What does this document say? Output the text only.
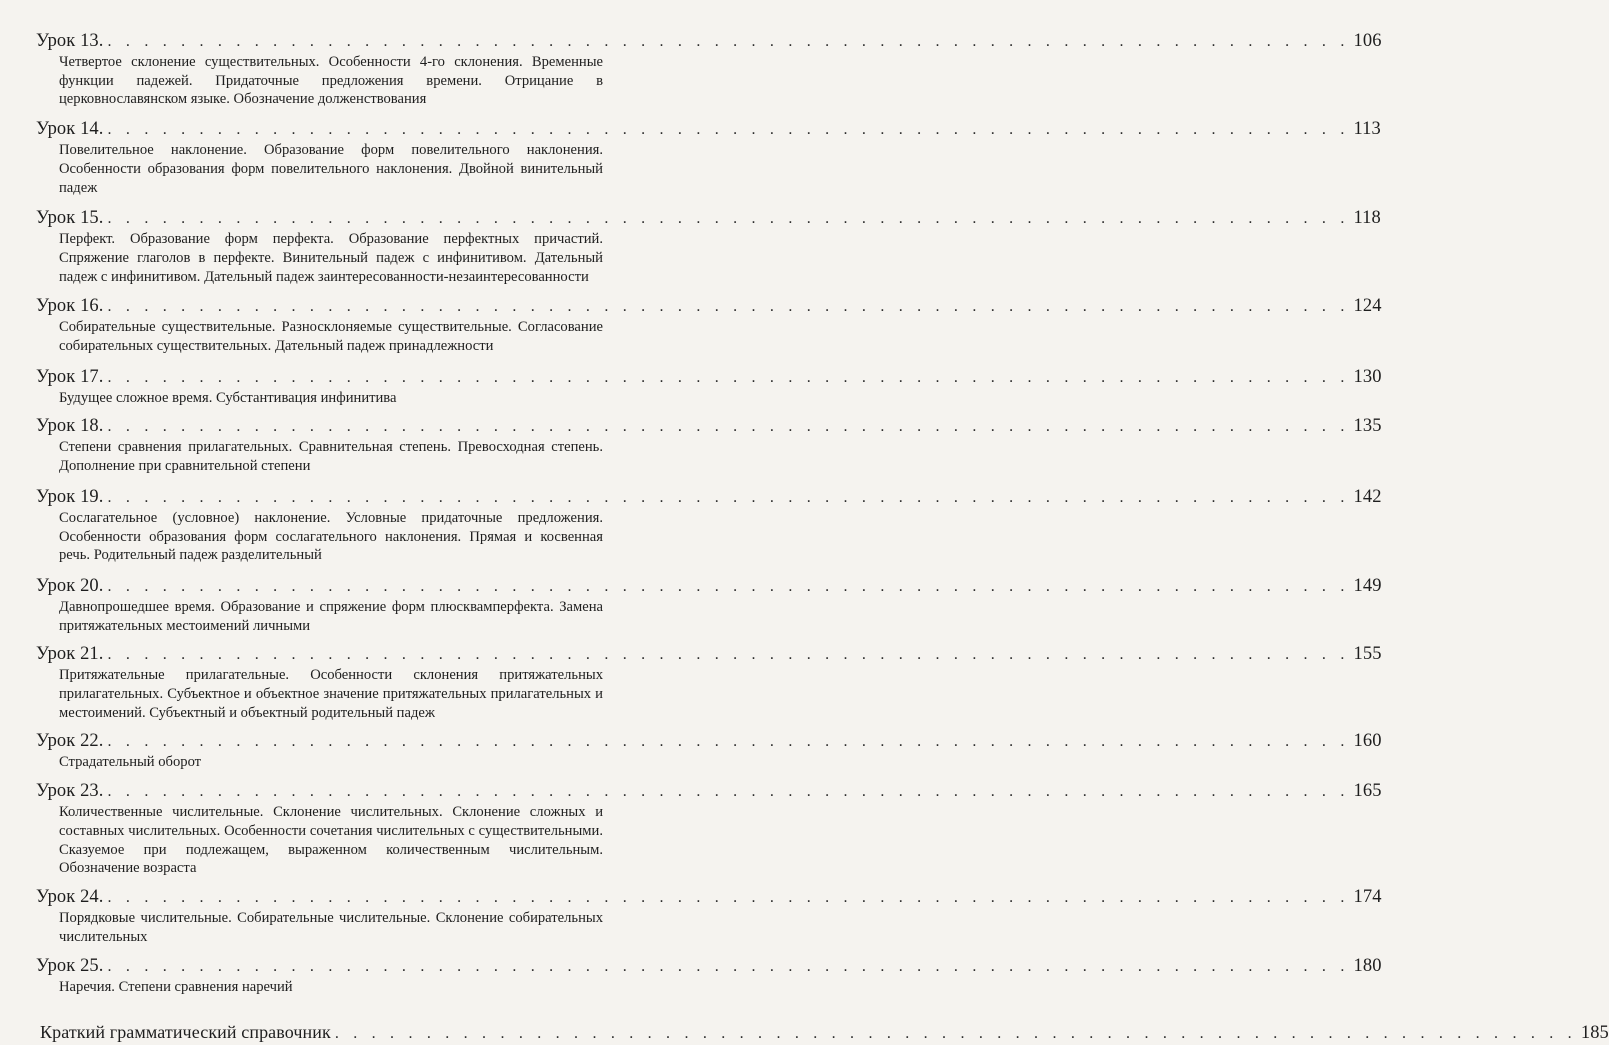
Урок 13. . . . . . . . . . . . . . . . . . . . . . . . . . . . . . . . . . . . . . . . . . . . . . . . . . . . . . . . . . . . . . . . . . . . . 106

Четвертое склонение существительных. Особенности 4-го склонения. Временные функции падежей. Придаточные предложения времени. Отрицание в церковнославянском языке. Обозначение долженствования

Урок 14. . . . . . . . . . . . . . . . . . . . . . . . . . . . . . . . . . . . . . . . . . . . . . . . . . . . . . . . . . . . . . . . . . . . . 113

Повелительное наклонение. Образование форм повелительного наклонения. Особенности образования форм повелительного наклонения. Двойной винительный падеж

Урок 15. . . . . . . . . . . . . . . . . . . . . . . . . . . . . . . . . . . . . . . . . . . . . . . . . . . . . . . . . . . . . . . . . . . . . 118

Перфект. Образование форм перфекта. Образование перфектных причастий. Спряжение глаголов в перфекте. Винительный падеж с инфинитивом. Дательный падеж с инфинитивом. Дательный падеж заинтересованности-незаинтересованности

Урок 16. . . . . . . . . . . . . . . . . . . . . . . . . . . . . . . . . . . . . . . . . . . . . . . . . . . . . . . . . . . . . . . . . . . . . 124

Собирательные существительные. Разносклоняемые существительные. Согласование собирательных существительных. Дательный падеж принадлежности

Урок 17. . . . . . . . . . . . . . . . . . . . . . . . . . . . . . . . . . . . . . . . . . . . . . . . . . . . . . . . . . . . . . . . . . . . . 130

Будущее сложное время. Субстантивация инфинитива

Урок 18. . . . . . . . . . . . . . . . . . . . . . . . . . . . . . . . . . . . . . . . . . . . . . . . . . . . . . . . . . . . . . . . . . . . . 135

Степени сравнения прилагательных. Сравнительная степень. Превосходная степень. Дополнение при сравнительной степени

Урок 19. . . . . . . . . . . . . . . . . . . . . . . . . . . . . . . . . . . . . . . . . . . . . . . . . . . . . . . . . . . . . . . . . . . . . 142

Сослагательное (условное) наклонение. Условные придаточные предложения. Особенности образования форм сослагательного наклонения. Прямая и косвенная речь. Родительный падеж разделительный

Урок 20. . . . . . . . . . . . . . . . . . . . . . . . . . . . . . . . . . . . . . . . . . . . . . . . . . . . . . . . . . . . . . . . . . . . . 149

Давнопрошедшее время. Образование и спряжение форм плюсквамперфекта. Замена притяжательных местоимений личными

Урок 21. . . . . . . . . . . . . . . . . . . . . . . . . . . . . . . . . . . . . . . . . . . . . . . . . . . . . . . . . . . . . . . . . . . . . 155

Притяжательные прилагательные. Особенности склонения притяжательных прилагательных. Субъектное и объектное значение притяжательных прилагательных и местоимений. Субъектный и объектный родительный падеж

Урок 22. . . . . . . . . . . . . . . . . . . . . . . . . . . . . . . . . . . . . . . . . . . . . . . . . . . . . . . . . . . . . . . . . . . . . 160

Страдательный оборот

Урок 23. . . . . . . . . . . . . . . . . . . . . . . . . . . . . . . . . . . . . . . . . . . . . . . . . . . . . . . . . . . . . . . . . . . . . 165

Количественные числительные. Склонение числительных. Склонение сложных и составных числительных. Особенности сочетания числительных с существительными. Сказуемое при подлежащем, выраженном количественным числительным. Обозначение возраста

Урок 24. . . . . . . . . . . . . . . . . . . . . . . . . . . . . . . . . . . . . . . . . . . . . . . . . . . . . . . . . . . . . . . . . . . . . 174

Порядковые числительные. Собирательные числительные. Склонение собирательных числительных

Урок 25. . . . . . . . . . . . . . . . . . . . . . . . . . . . . . . . . . . . . . . . . . . . . . . . . . . . . . . . . . . . . . . . . . . . . 180

Наречия. Степени сравнения наречий

Краткий грамматический справочник . . . . . . . . . . . . . . . . . . . . . . . . . . . . . . . . . . . . . . . . . . . . . . . . . . . . . . . . . . . . . . . . . . . . 185
